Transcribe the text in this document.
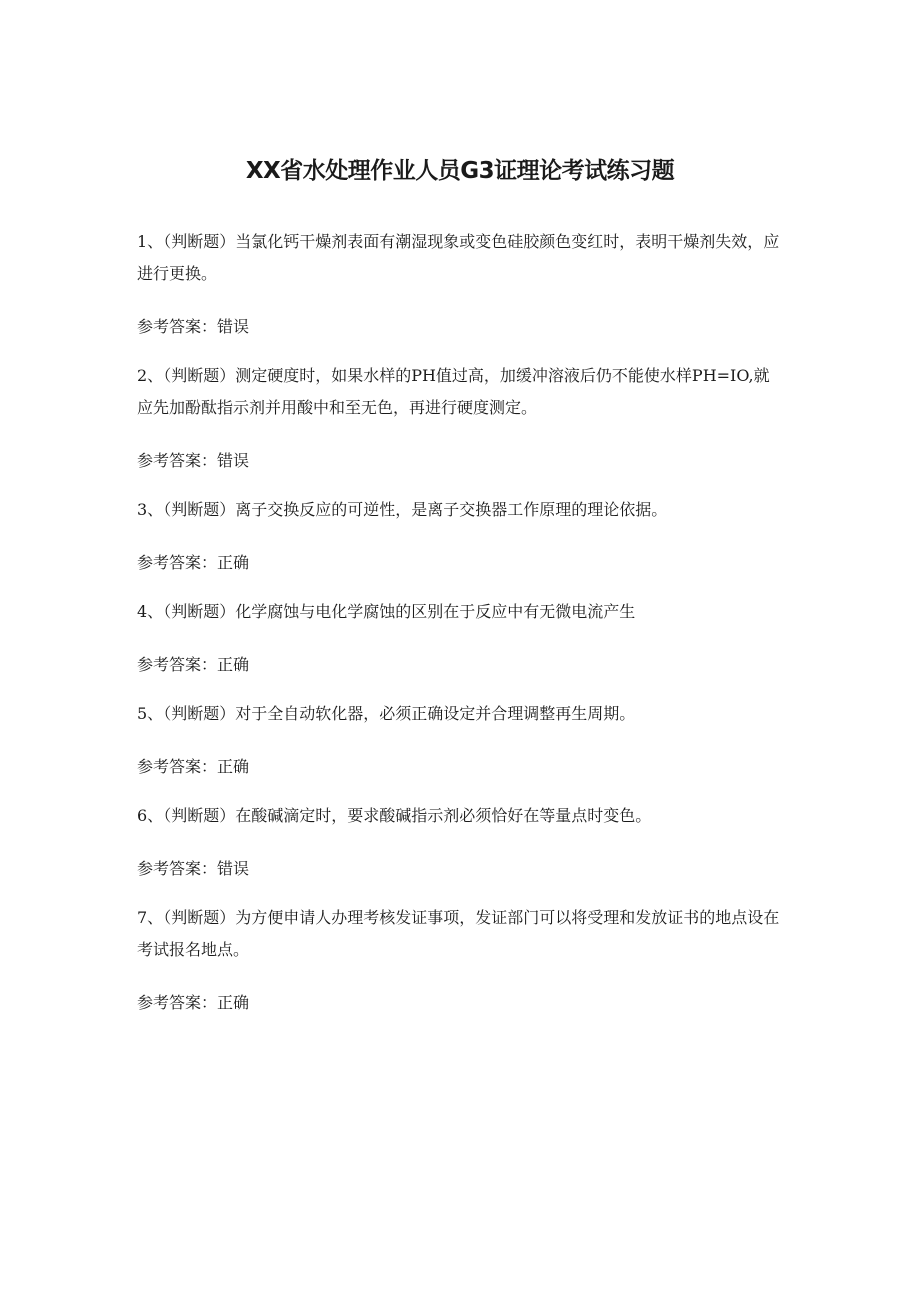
XX省水处理作业人员G3证理论考试练习题

1、（判断题）当氯化钙干燥剂表面有潮湿现象或变色硅胶颜色变红时，表明干燥剂失效，应进行更换。

参考答案：错误

2、（判断题）测定硬度时，如果水样的PH值过高，加缓冲溶液后仍不能使水样PH=IO,就应先加酚酞指示剂并用酸中和至无色，再进行硬度测定。

参考答案：错误

3、（判断题）离子交换反应的可逆性，是离子交换器工作原理的理论依据。

参考答案：正确

4、（判断题）化学腐蚀与电化学腐蚀的区别在于反应中有无微电流产生

参考答案：正确

5、（判断题）对于全自动软化器，必须正确设定并合理调整再生周期。

参考答案：正确

6、（判断题）在酸碱滴定时，要求酸碱指示剂必须恰好在等量点时变色。

参考答案：错误

7、（判断题）为方便申请人办理考核发证事项，发证部门可以将受理和发放证书的地点设在考试报名地点。

参考答案：正确
